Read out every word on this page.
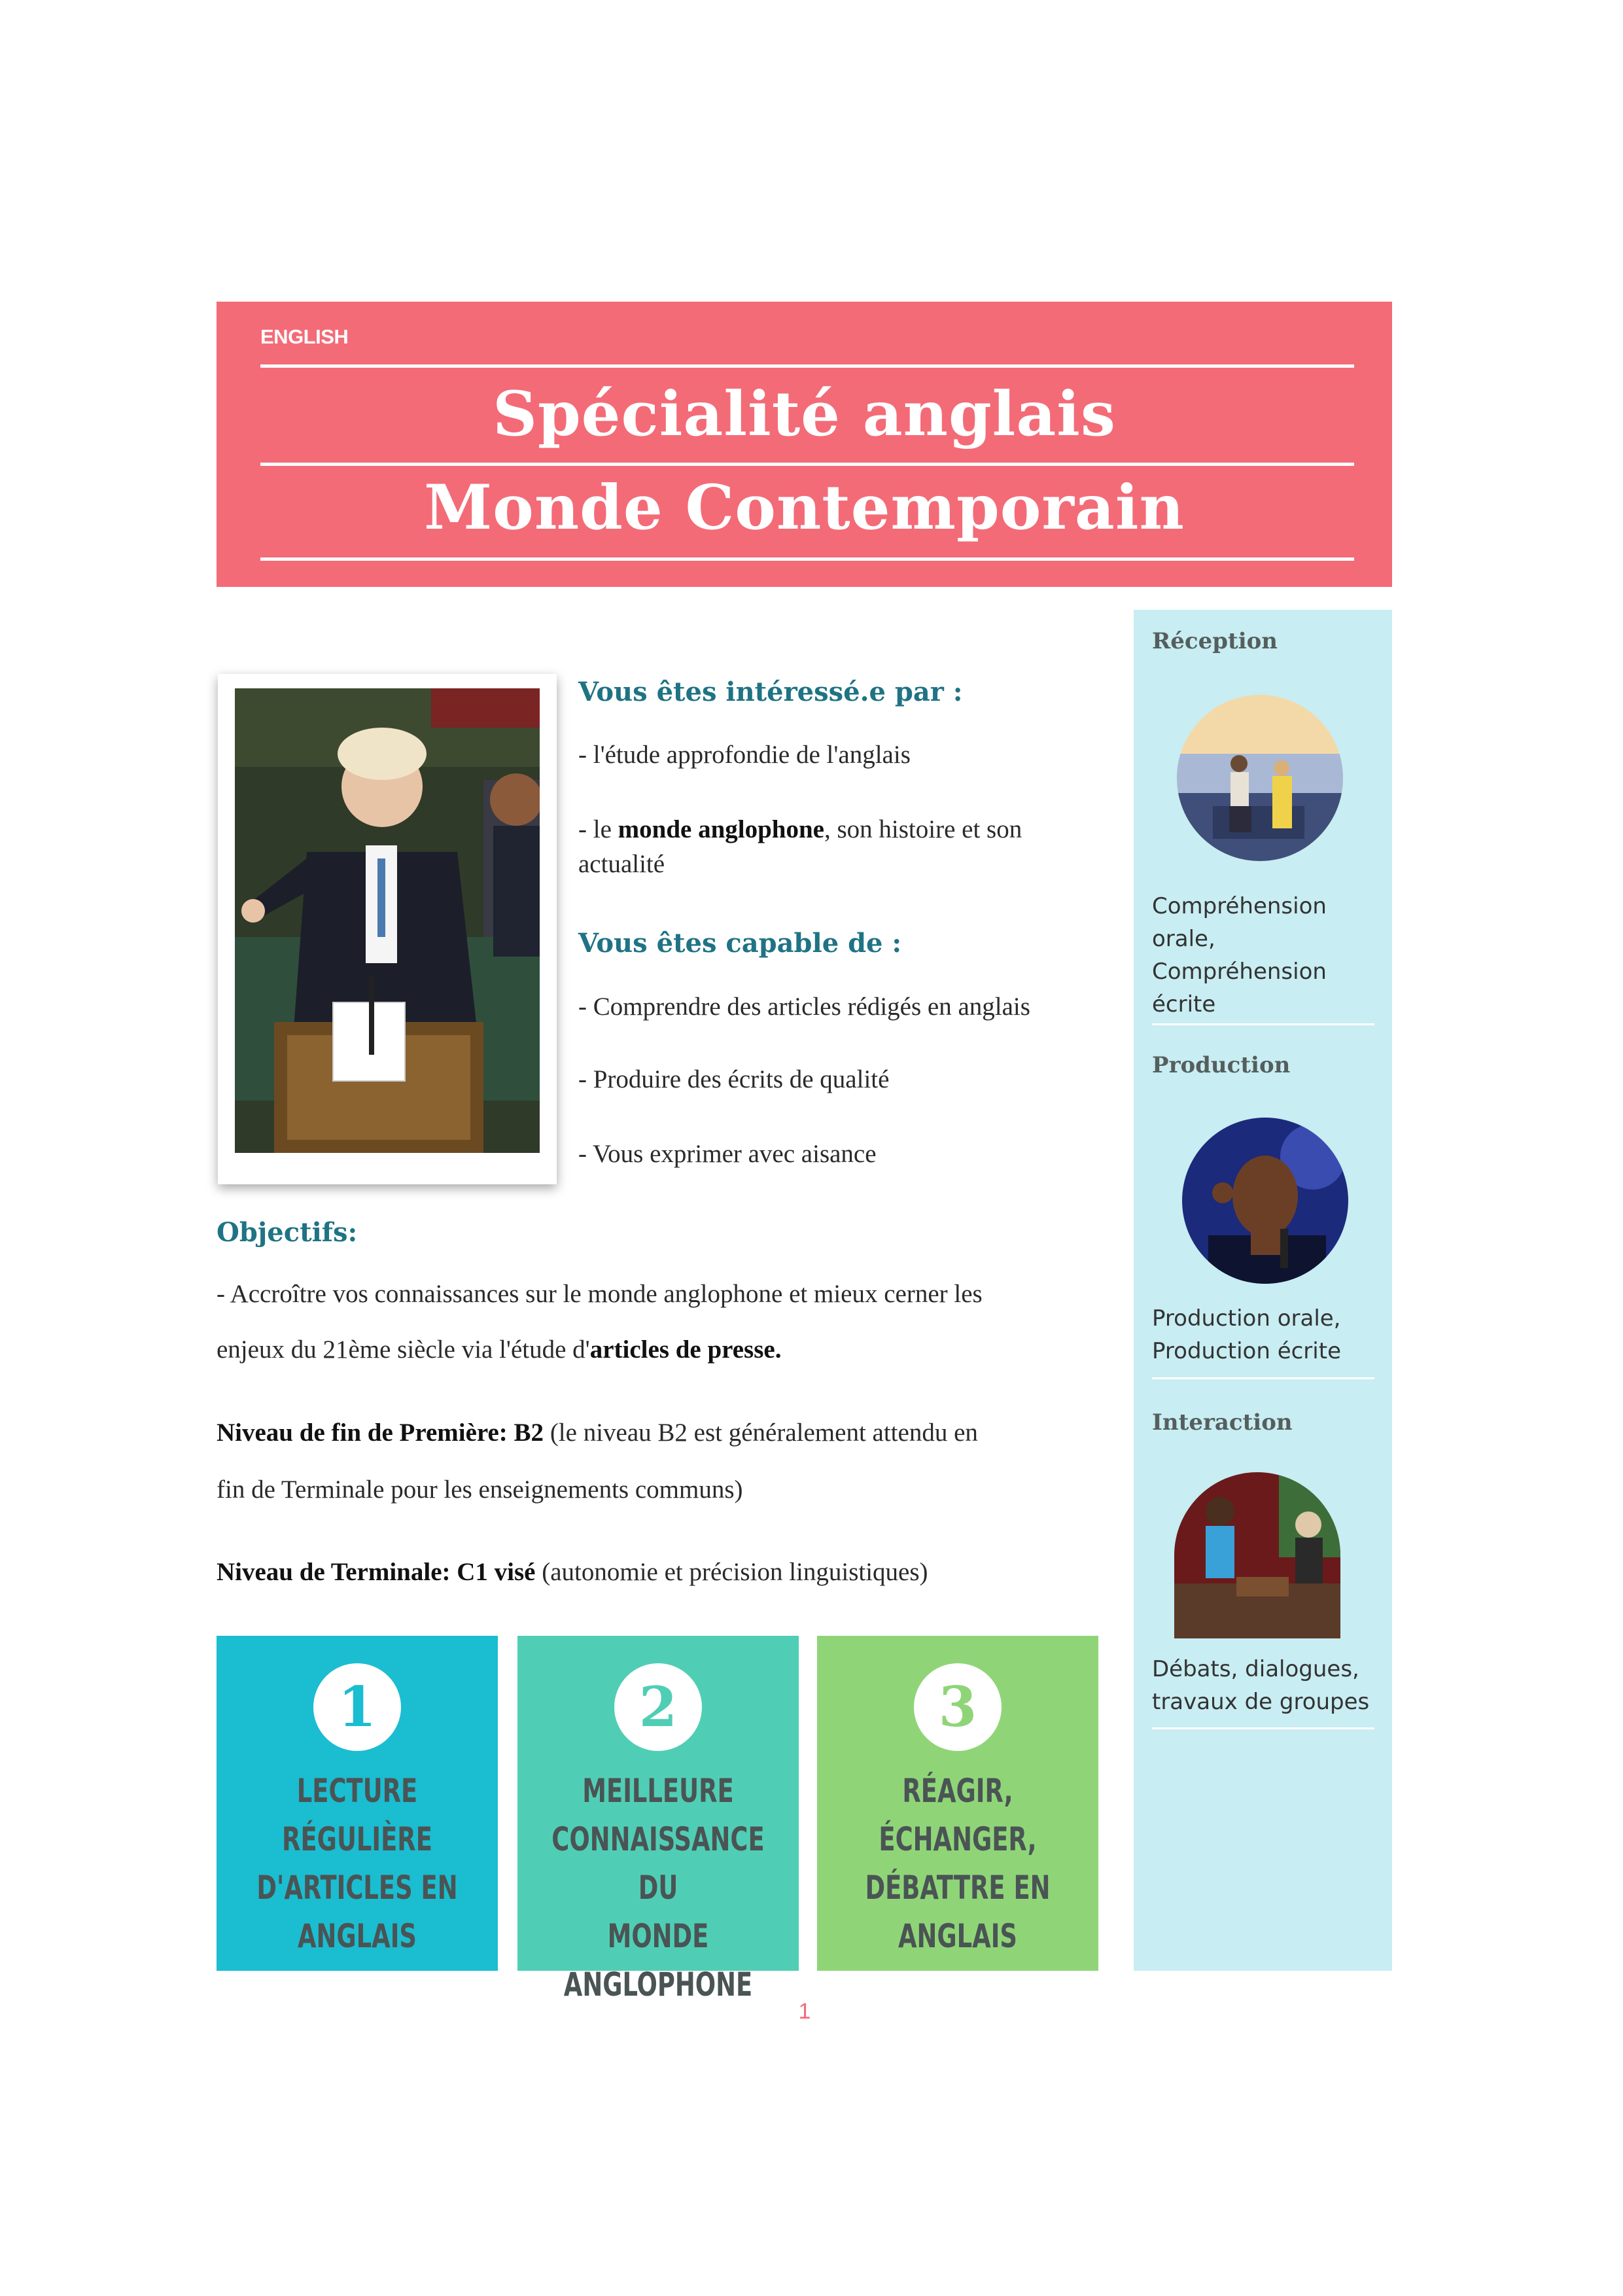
ENGLISH
Spécialité anglais
Monde Contemporain
Réception
Compréhension
orale,
Compréhension
écrite
Production
Production orale,
Production écrite
Interaction
Débats, dialogues,
travaux de groupes
Vous êtes intéressé.e par :
- l'étude approfondie de l'anglais
- le monde anglophone, son histoire et son
actualité
Vous êtes capable de :
- Comprendre des articles rédigés en anglais
- Produire des écrits de qualité
- Vous exprimer avec aisance
Objectifs:
- Accroître vos connaissances sur le monde anglophone et mieux cerner les
enjeux du 21ème siècle via l'étude d'articles de presse.
Niveau de fin de Première: B2 (le niveau B2 est généralement attendu en
fin de Terminale pour les enseignements communs)
Niveau de Terminale: C1 visé (autonomie et précision linguistiques)
1
LECTURE RÉGULIÈRE
D'ARTICLES EN
ANGLAIS
2
MEILLEURE
CONNAISSANCE DU
MONDE
ANGLOPHONE
3
RÉAGIR, ÉCHANGER,
DÉBATTRE EN
ANGLAIS
1
